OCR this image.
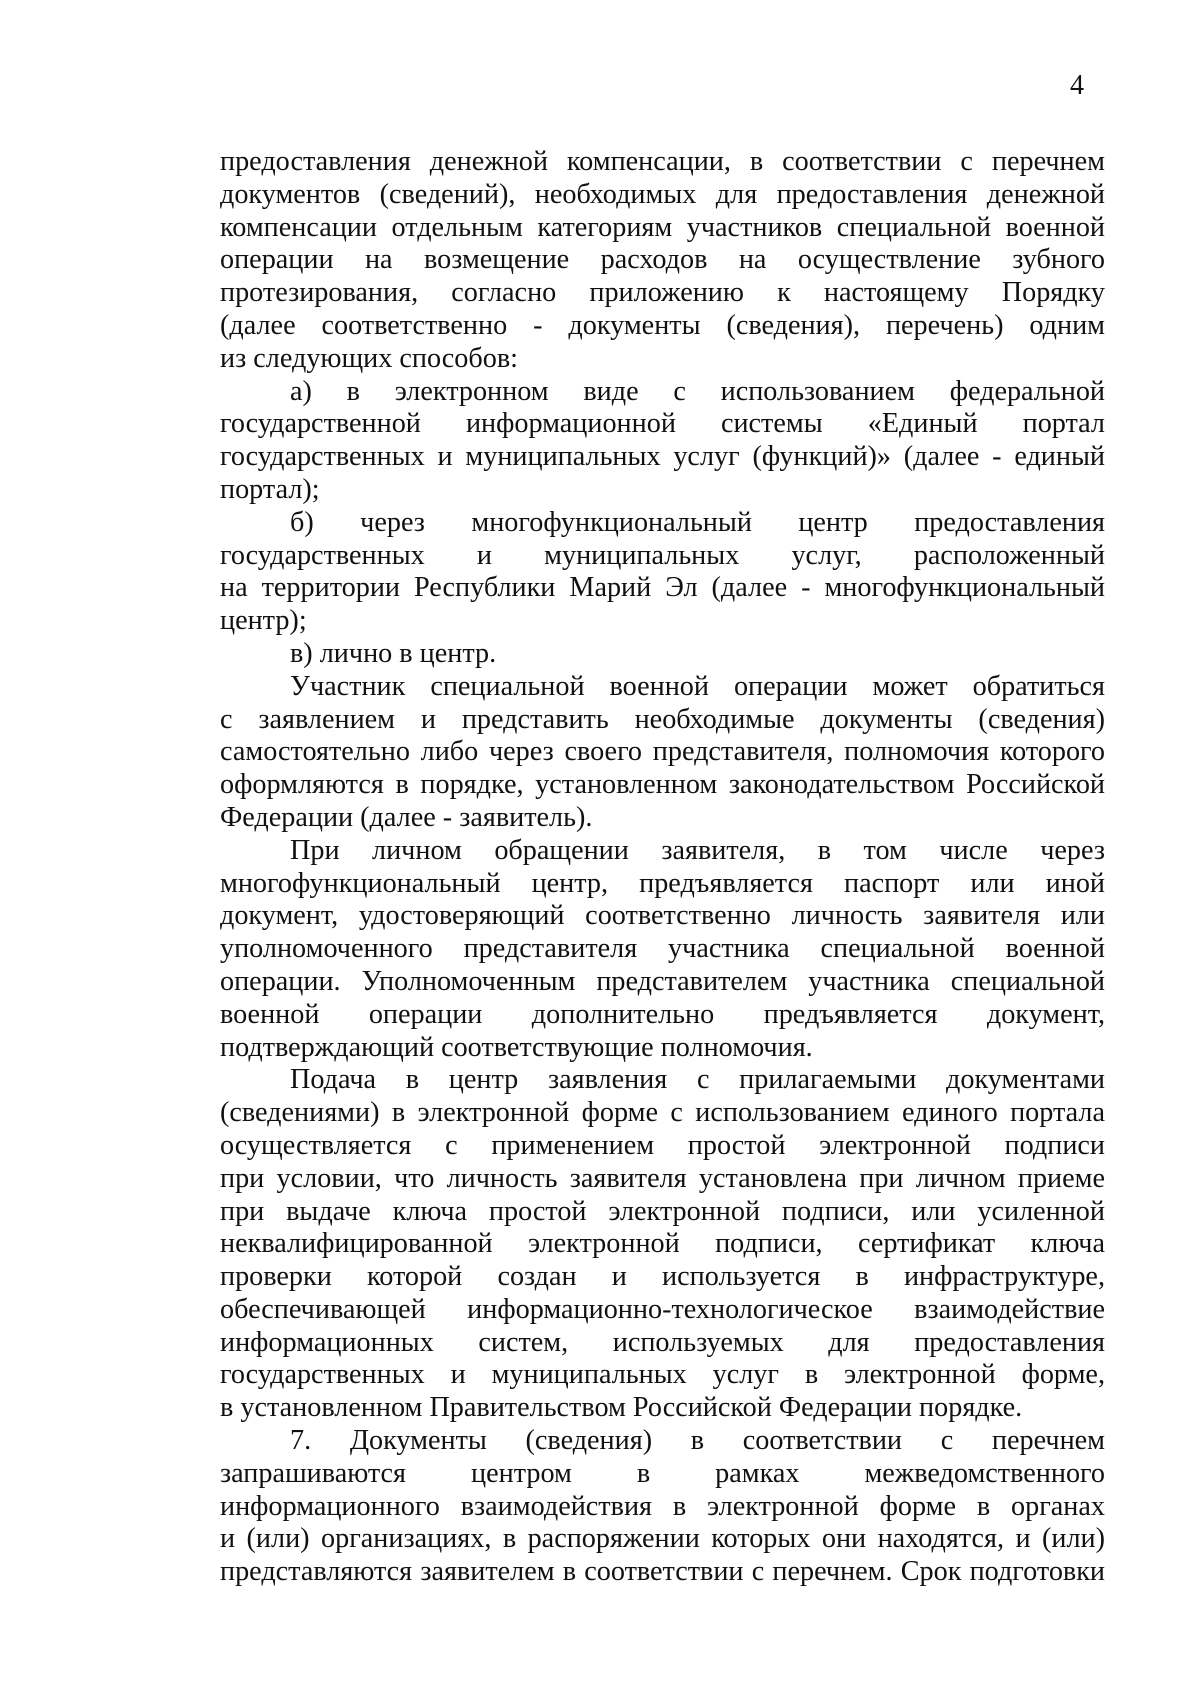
4
предоставления денежной компенсации, в соответствии с перечнем
документов (сведений), необходимых для предоставления денежной
компенсации отдельным категориям участников специальной военной
операции на возмещение расходов на осуществление зубного
протезирования, согласно приложению к настоящему Порядку
(далее соответственно - документы (сведения), перечень) одним
из следующих способов:
а) в электронном виде с использованием федеральной
государственной информационной системы «Единый портал
государственных и муниципальных услуг (функций)» (далее - единый
портал);
б) через многофункциональный центр предоставления
государственных и муниципальных услуг, расположенный
на территории Республики Марий Эл (далее - многофункциональный
центр);
в) лично в центр.
Участник специальной военной операции может обратиться
с заявлением и представить необходимые документы (сведения)
самостоятельно либо через своего представителя, полномочия которого
оформляются в порядке, установленном законодательством Российской
Федерации (далее - заявитель).
При личном обращении заявителя, в том числе через
многофункциональный центр, предъявляется паспорт или иной
документ, удостоверяющий соответственно личность заявителя или
уполномоченного представителя участника специальной военной
операции. Уполномоченным представителем участника специальной
военной операции дополнительно предъявляется документ,
подтверждающий соответствующие полномочия.
Подача в центр заявления с прилагаемыми документами
(сведениями) в электронной форме с использованием единого портала
осуществляется с применением простой электронной подписи
при условии, что личность заявителя установлена при личном приеме
при выдаче ключа простой электронной подписи, или усиленной
неквалифицированной электронной подписи, сертификат ключа
проверки которой создан и используется в инфраструктуре,
обеспечивающей информационно-технологическое взаимодействие
информационных систем, используемых для предоставления
государственных и муниципальных услуг в электронной форме,
в установленном Правительством Российской Федерации порядке.
7. Документы (сведения) в соответствии с перечнем
запрашиваются центром в рамках межведомственного
информационного взаимодействия в электронной форме в органах
и (или) организациях, в распоряжении которых они находятся, и (или)
представляются заявителем в соответствии с перечнем. Срок подготовки
